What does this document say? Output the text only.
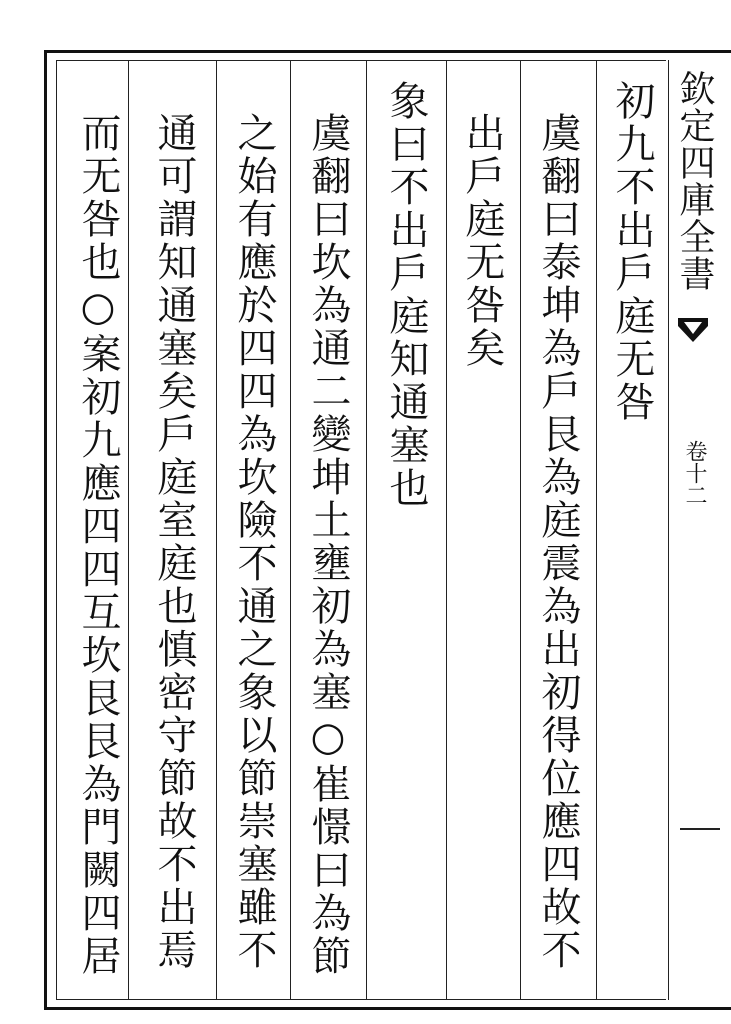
欽定四庫全書
卷十二
初九不出戶庭无咎
虞翻曰泰坤為戶艮為庭震為出初得位應四故不
出戶庭无咎矣
象曰不出戶庭知通塞也
虞翻曰坎為通二變坤土壅初為塞○崔憬曰為節
之始有應於四四為坎險不通之象以節崇塞雖不
通可謂知通塞矣戶庭室庭也慎密守節故不出焉
而无咎也○案初九應四四互坎艮艮為門闕四居
